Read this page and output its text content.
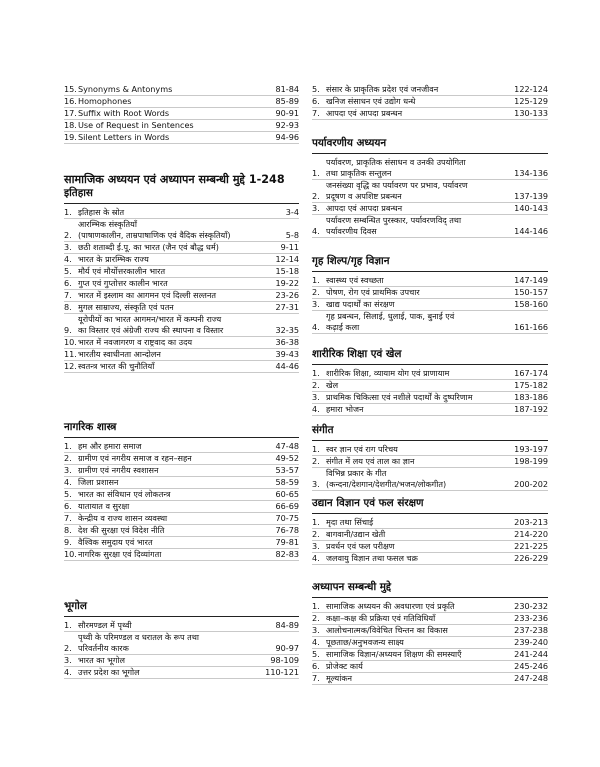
15. Synonyms & Antonyms	81-84
16. Homophones	85-89
17. Suffix with Root Words	90-91
18. Use of Request in Sentences	92-93
19. Silent Letters in Words	94-96
सामाजिक अध्ययन एवं अध्यापन सम्बन्धी मुद्दे 1-248
इतिहास
1. इतिहास के स्रोत	3-4
2.
आरम्भिक संस्कृतियाँ
(पाषाणकालीन, ताम्रपाषाणिक एवं वैदिक संस्कृतियाँ)	5-8
3. छठी शताब्दी ई.पू. का भारत (जैन एवं बौद्ध धर्म)	9-11
4. भारत के प्रारम्भिक राज्य	12-14
5. मौर्य एवं मौर्योत्तरकालीन भारत	15-18
6. गुप्त एवं गुप्तोत्तर कालीन भारत	19-22
7. भारत में इस्लाम का आगमन एवं दिल्ली सल्तनत	23-26
8. मुगल साम्राज्य, संस्कृति एवं पतन	27-31
9.
यूरोपीयों का भारत आगमन/भारत में कम्पनी राज्य
का विस्तार एवं अंग्रेजी राज्य की स्थापना व विस्तार	32-35
10. भारत में नवजागरण व राष्ट्रवाद का उदय	36-38
11. भारतीय स्वाधीनता आन्दोलन	39-43
12. स्वतन्त्र भारत की चुनौतियाँ	44-46
नागरिक शास्त्र
1. हम और हमारा समाज	47-48
2. ग्रामीण एवं नगरीय समाज व रहन–सहन	49-52
3. ग्रामीण एवं नगरीय स्वशासन	53-57
4. जिला प्रशासन	58-59
5. भारत का संविधान एवं लोकतन्त्र	60-65
6. यातायात व सुरक्षा	66-69
7. केन्द्रीय व राज्य शासन व्यवस्था	70-75
8. देश की सुरक्षा एवं विदेश नीति	76-78
9. वैश्विक समुदाय एवं भारत	79-81
10. नागरिक सुरक्षा एवं दिव्यांगता	82-83
भूगोल
1. सौरमण्डल में पृथ्वी	84-89
2.
पृथ्वी के परिमण्डल व धरातल के रूप तथा
परिवर्तनीय कारक	90-97
3. भारत का भूगोल	98-109
4. उत्तर प्रदेश का भूगोल	110-121
5. संसार के प्राकृतिक प्रदेश एवं जनजीवन	122-124
6. खनिज संसाधन एवं उद्योग धन्धे	125-129
7. आपदा एवं आपदा प्रबन्धन	130-133
पर्यावरणीय अध्ययन
1.
पर्यावरण, प्राकृतिक संसाधन व उनकी उपयोगिता
तथा प्राकृतिक सन्तुलन	134-136
2.
जनसंख्या वृद्धि का पर्यावरण पर प्रभाव, पर्यावरण
प्रदूषण व अपशिष्ट प्रबन्धन	137-139
3. आपदा एवं आपदा प्रबन्धन	140-143
4.
पर्यावरण सम्बन्धित पुरस्कार, पर्यावरणविद् तथा
पर्यावरणीय दिवस	144-146
गृह शिल्प/गृह विज्ञान
1. स्वास्थ्य एवं स्वच्छता	147-149
2. पोषण, रोग एवं प्राथमिक उपचार	150-157
3. खाद्य पदार्थों का संरक्षण	158-160
4.
गृह प्रबन्धन, सिलाई, धुलाई, पाक, बुनाई एवं
कढ़ाई कला	161-166
शारीरिक शिक्षा एवं खेल
1. शारीरिक शिक्षा, व्यायाम योग एवं प्राणायाम	167-174
2. खेल	175-182
3. प्राथमिक चिकित्सा एवं नशीले पदार्थों के दुष्परिणाम	183-186
4. हमारा भोजन	187-192
संगीत
1. स्वर ज्ञान एवं राग परिचय	193-197
2. संगीत में लय एवं ताल का ज्ञान	198-199
3.
विभिन्न प्रकार के गीत
(कन्दना/देशगान/देशगीत/भजन/लोकगीत)	200-202
उद्यान विज्ञान एवं फल संरक्षण
1. मृदा तथा सिंचाई	203-213
2. बागवानी/उद्यान खेती	214-220
3. प्रवर्धन एवं फल परीक्षण	221-225
4. जलवायु विज्ञान तथा फसल चक्र	226-229
अध्यापन सम्बन्धी मुद्दे
1. सामाजिक अध्ययन की अवधारणा एवं प्रकृति	230-232
2. कक्षा–कक्ष की प्रक्रिया एवं गतिविधियाँ	233-236
3. आलोचनात्मक/विवेचित चिन्तन का विकास	237-238
4. पूछताछ/अनुभवजन्य साक्ष्य	239-240
5. सामाजिक विज्ञान/अध्ययन शिक्षण की समस्याएँ	241-244
6. प्रोजेक्ट कार्य	245-246
7. मूल्यांकन	247-248
